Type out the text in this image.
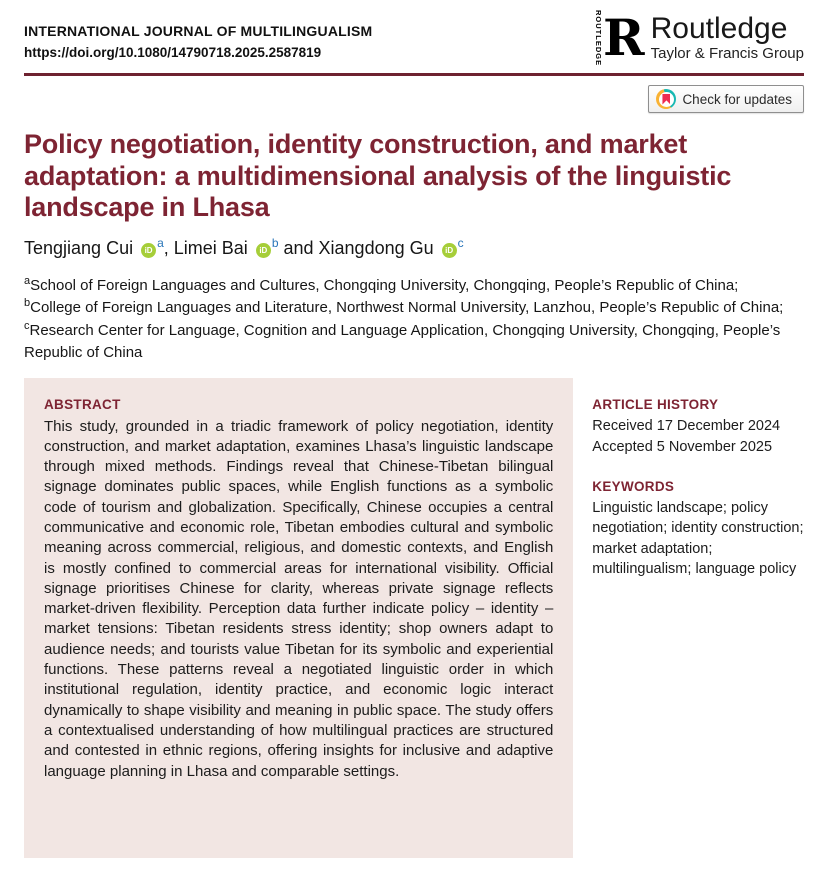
INTERNATIONAL JOURNAL OF MULTILINGUALISM
https://doi.org/10.1080/14790718.2025.2587819	ROUTLEDGE R Routledge
Taylor & Francis Group
Check for updates
Policy negotiation, identity construction, and market
adaptation: a multidimensional analysis of the linguistic
landscape in Lhasa
Tengjiang Cui $iD^a$, Limei Bai $iD^b$ and Xiangdong Gu $iD^c$
$^a$School of Foreign Languages and Cultures, Chongqing University, Chongqing, People’s Republic of China; $^b$College of Foreign Languages and Literature, Northwest Normal University, Lanzhou, People’s Republic of China; $^c$Research Center for Language, Cognition and Language Application, Chongqing University, Chongqing, People’s Republic of China
ABSTRACT
This study, grounded in a triadic framework of policy negotiation, identity construction, and market adaptation, examines Lhasa’s linguistic landscape through mixed methods. Findings reveal that Chinese-Tibetan bilingual signage dominates public spaces, while English functions as a symbolic code of tourism and globalization. Specifically, Chinese occupies a central communicative and economic role, Tibetan embodies cultural and symbolic meaning across commercial, religious, and domestic contexts, and English is mostly confined to commercial areas for international visibility. Official signage prioritises Chinese for clarity, whereas private signage reflects market-driven flexibility. Perception data further indicate policy – identity – market tensions: Tibetan residents stress identity; shop owners adapt to audience needs; and tourists value Tibetan for its symbolic and experiential functions. These patterns reveal a negotiated linguistic order in which institutional regulation, identity practice, and economic logic interact dynamically to shape visibility and meaning in public space. The study offers a contextualised understanding of how multilingual practices are structured and contested in ethnic regions, offering insights for inclusive and adaptive language planning in Lhasa and comparable settings.
ARTICLE HISTORY
Received 17 December 2024
Accepted 5 November 2025
KEYWORDS
Linguistic landscape; policy negotiation; identity construction; market adaptation; multilingualism; language policy
